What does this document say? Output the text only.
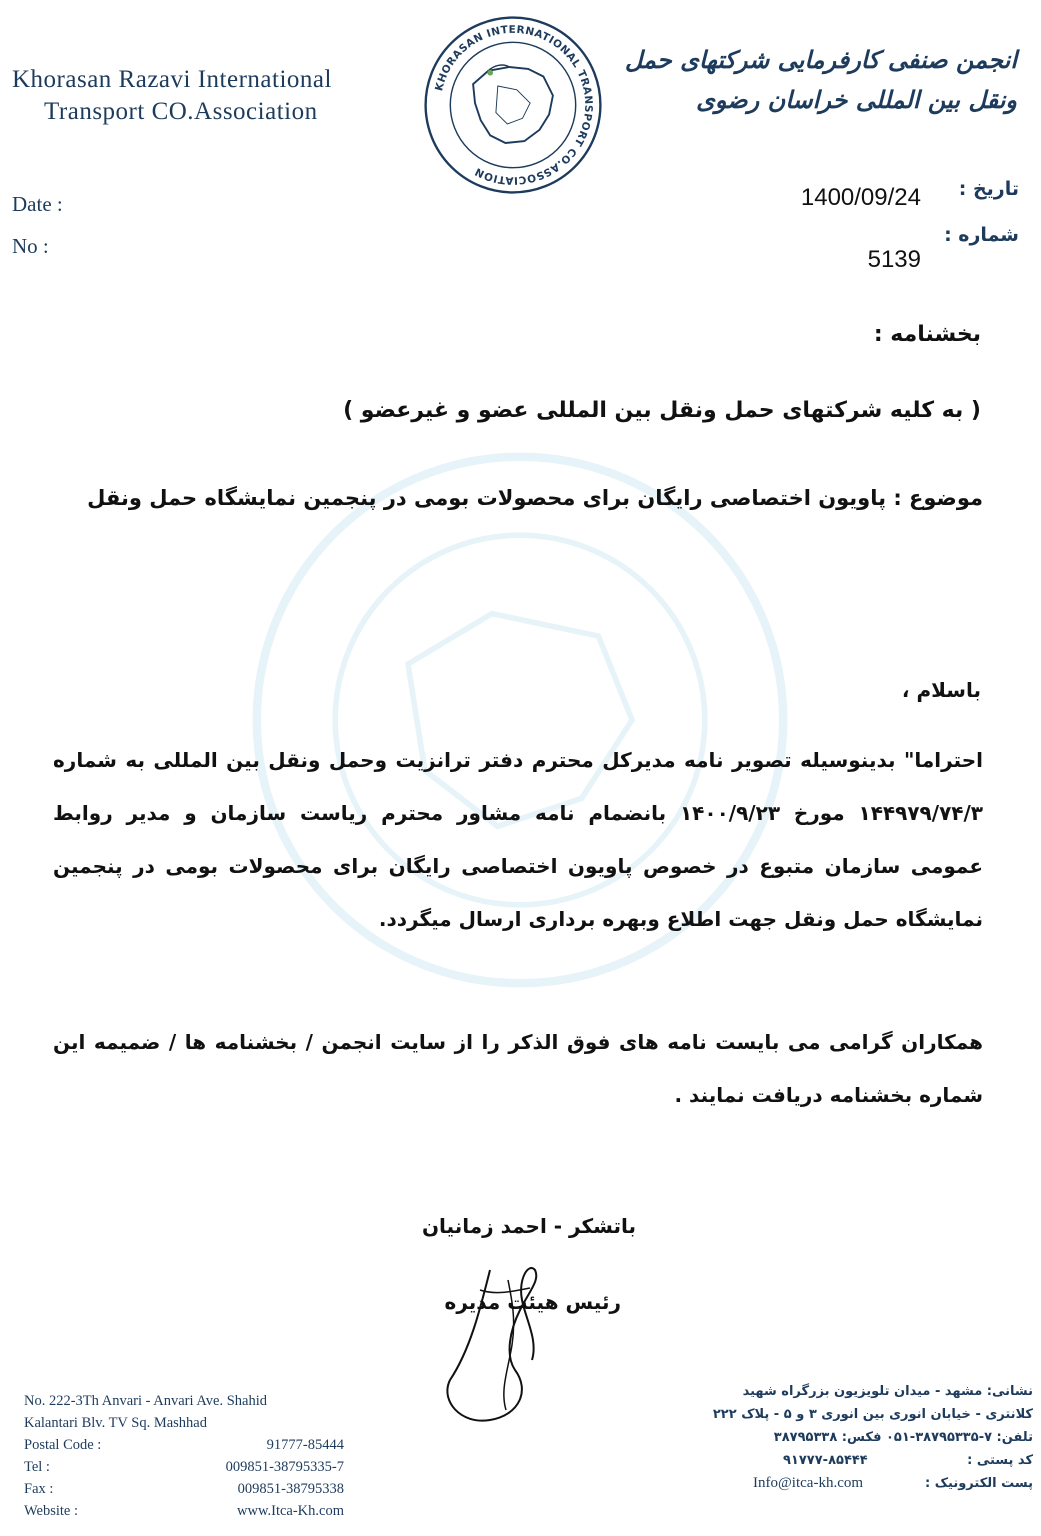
Khorasan Razavi International
Transport CO.Association
KHORASAN INTERNATIONAL TRANSPORT CO.ASSOCIATION
انجمن صنفی کارفرمایی شرکتهای حمل ونقل بین المللی خراسان رضوی
Date :
No :
تاریخ :
شماره :
1400/09/24
5139
بخشنامه :
( به کلیه شرکتهای حمل ونقل بین المللی عضو و غیرعضو )
موضوع : پاویون اختصاصی رایگان برای محصولات بومی در پنجمین نمایشگاه حمل ونقل
باسلام ،
احتراما" بدینوسیله تصویر نامه مدیرکل محترم دفتر ترانزیت وحمل ونقل بین المللی به شماره ۱۴۴۹۷۹/۷۴/۳ مورخ ۱۴۰۰/۹/۲۳ بانضمام نامه مشاور محترم ریاست سازمان و مدیر روابط عمومی سازمان متبوع در خصوص پاویون اختصاصی رایگان برای محصولات بومی در پنجمین نمایشگاه حمل ونقل جهت اطلاع وبهره برداری ارسال میگردد.
همکاران گرامی می بایست نامه های فوق الذکر را از سایت انجمن / بخشنامه ها / ضمیمه این شماره بخشنامه دریافت نمایند .
باتشکر - احمد زمانیان
رئیس هیئت مدیره
No. 222-3Th Anvari - Anvari Ave. Shahid
Kalantari Blv. TV Sq. Mashhad
Postal Code :	91777-85444
Tel :	009851-38795335-7
Fax :	009851-38795338
Website :	www.Itca-Kh.com
نشانی: مشهد - میدان تلویزیون بزرگراه شهید
کلانتری - خیابان انوری بین انوری ۳ و ۵ - پلاک ۲۲۲
تلفن: ۷-۳۸۷۹۵۳۳۵-۰۵۱ فکس: ۳۸۷۹۵۳۳۸
کد پستی :
۹۱۷۷۷-۸۵۴۴۴
پست الکترونیک :
Info@itca-kh.com
